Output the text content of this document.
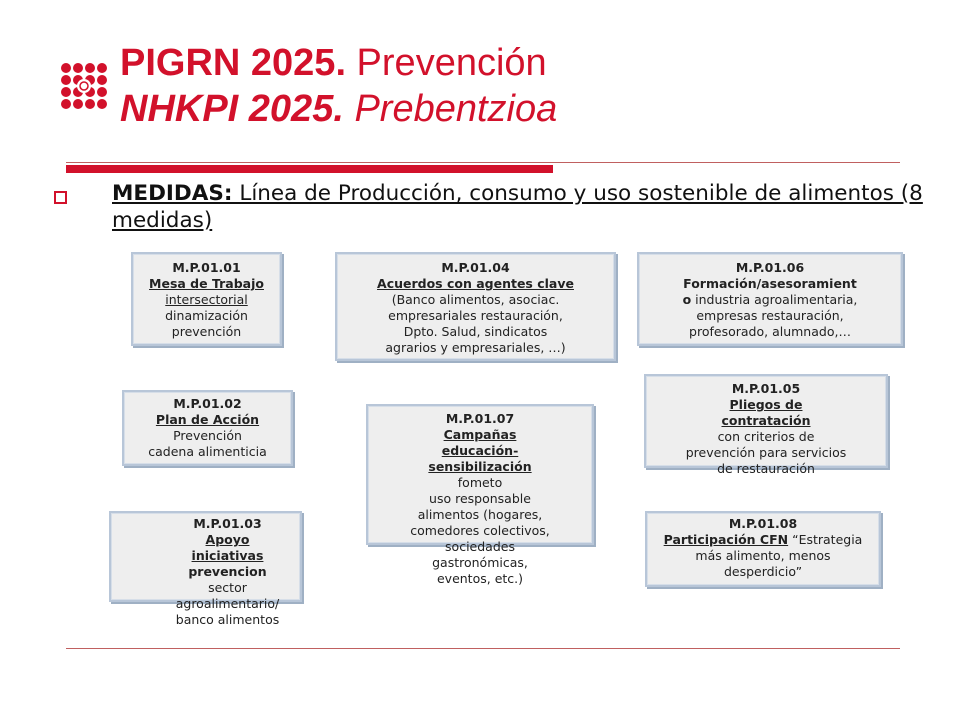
PIGRN 2025. Prevención
NHKPI 2025. Prebentzioa
MEDIDAS: Línea de Producción, consumo y uso sostenible de alimentos (8 medidas)
M.P.01.01
Mesa de Trabajo
intersectorial
dinamización
prevención
M.P.01.04
Acuerdos con agentes clave
(Banco alimentos, asociac.
empresariales restauración,
Dpto. Salud, sindicatos
agrarios y empresariales, …)
M.P.01.06
Formación/asesoramient
o industria agroalimentaria,
empresas restauración,
profesorado, alumnado,…
M.P.01.02
Plan de Acción
Prevención
cadena alimenticia
M.P.01.07
Campañas
educación-
sensibilización
fometo
uso responsable
alimentos (hogares,
comedores colectivos,
sociedades
gastronómicas,
eventos, etc.)
M.P.01.05
Pliegos de
contratación
con criterios de
prevención para servicios
de restauración
M.P.01.03
Apoyo
iniciativas
prevencion
sector
agroalimentario/
banco alimentos
M.P.01.08
Participación CFN “Estrategia
más alimento, menos
desperdicio”
